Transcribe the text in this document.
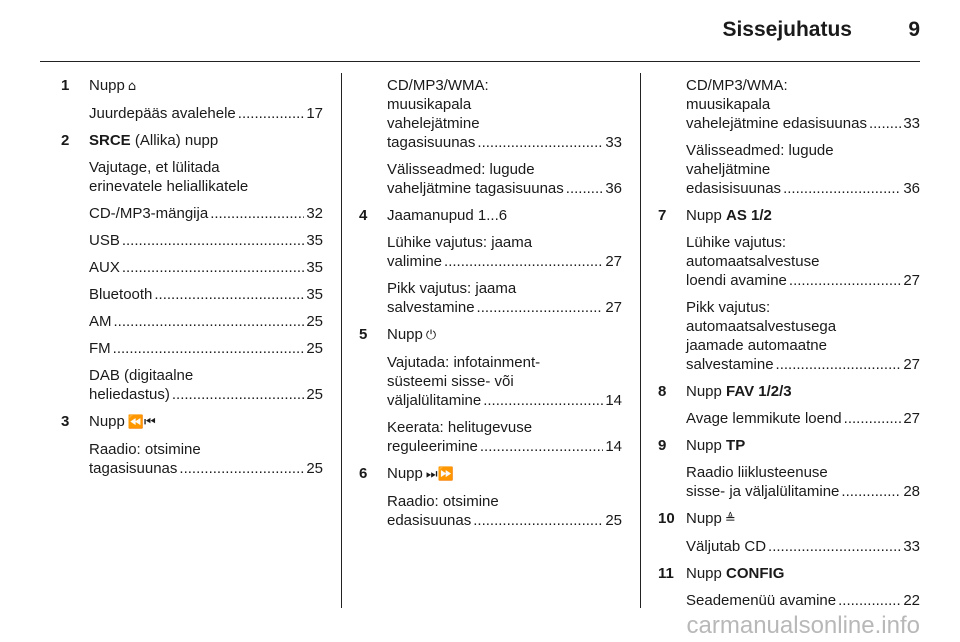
Sissejuhatus	9
1	Nupp ⌂
Juurdepääs avalehele .....	17
2	SRCE (Allika) nupp
Vajutage, et lülitada
erinevatele heliallikatele
CD-/MP3-mängija .....	32
USB .....	35
AUX .....	35
Bluetooth .....	35
AM .....	25
FM .....	25
DAB (digitaalne
heliedastus) .....	25
3	Nupp ⏪⏮
Raadio: otsimine
tagasisuunas .....	25
CD/MP3/WMA:
muusikapala
vahelejätmine
tagasisuunas .....	33
Välisseadmed: lugude
vaheljätmine tagasisuunas .....	36
4	Jaamanupud 1...6
Lühike vajutus: jaama
valimine .....	27
Pikk vajutus: jaama
salvestamine .....	27
5	Nupp ⏻
Vajutada: infotainment-
süsteemi sisse- või
väljalülitamine .....	14
Keerata: helitugevuse
reguleerimine .....	14
6	Nupp ⏭⏩
Raadio: otsimine
edasisuunas .....	25
CD/MP3/WMA:
muusikapala
vahelejätmine edasisuunas ..... 33
Välisseadmed: lugude
vaheljätmine
edasisisuunas .....	36
7	Nupp AS 1/2
Lühike vajutus:
automaatsalvestuse
loendi avamine .....	27
Pikk vajutus:
automaatsalvestusega
jaamade automaatne
salvestamine .....	27
8	Nupp FAV 1/2/3
Avage lemmikute loend .....	27
9	Nupp TP
Raadio liiklusteenuse
sisse- ja väljalülitamine .....	28
10 Nupp ≜
Väljutab CD .....	33
11 Nupp CONFIG
Seademenüü avamine .....	22
carmanualsonline.info
